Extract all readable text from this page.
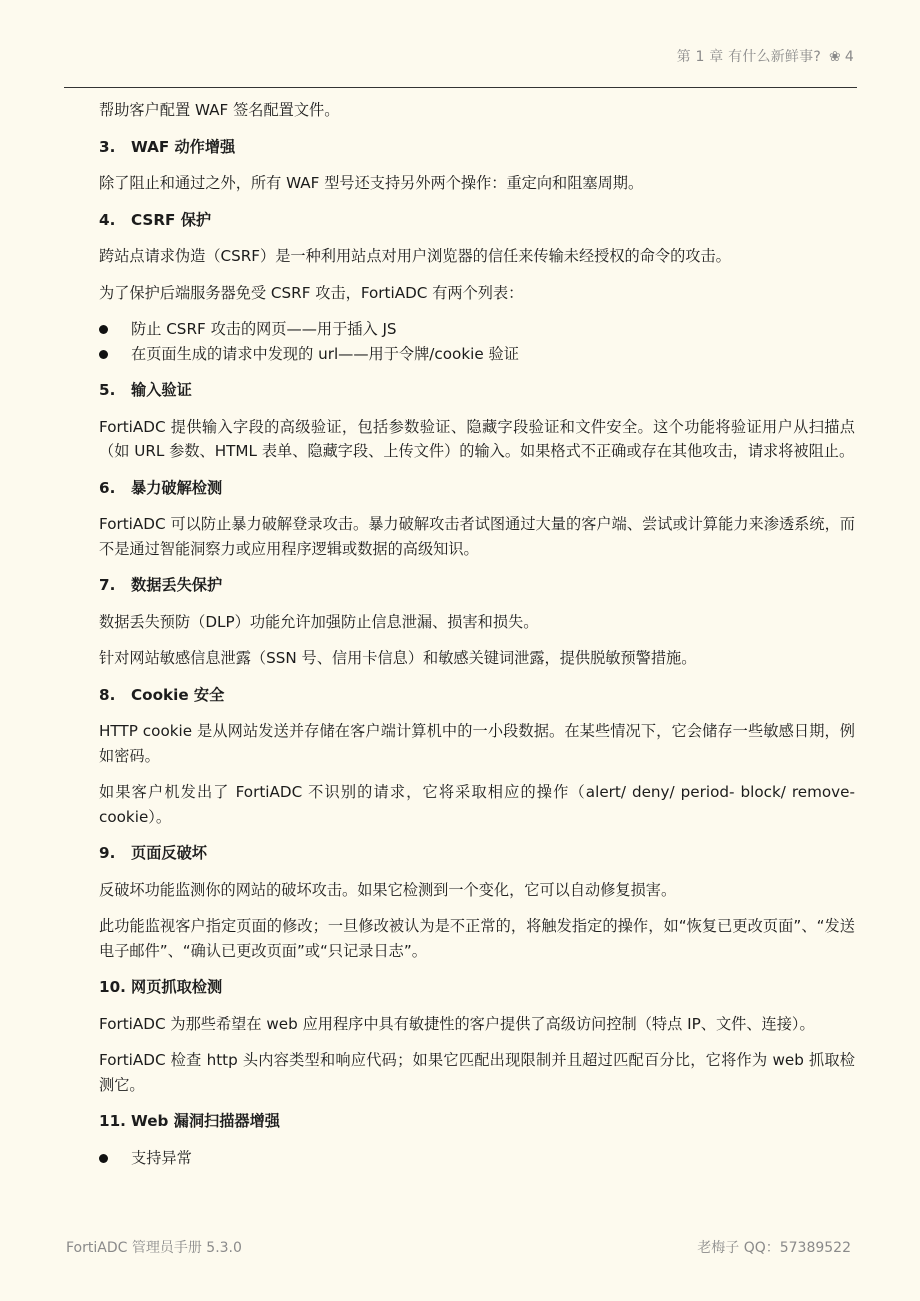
第 1 章 有什么新鲜事? ❀ 4

帮助客户配置 WAF 签名配置文件。

3. WAF 动作增强

除了阻止和通过之外，所有 WAF 型号还支持另外两个操作：重定向和阻塞周期。

4. CSRF 保护

跨站点请求伪造（CSRF）是一种利用站点对用户浏览器的信任来传输未经授权的命令的攻击。

为了保护后端服务器免受 CSRF 攻击，FortiADC 有两个列表：

防止 CSRF 攻击的网页——用于插入 JS
在页面生成的请求中发现的 url——用于令牌/cookie 验证
5. 输入验证

FortiADC 提供输入字段的高级验证，包括参数验证、隐藏字段验证和文件安全。这个功能将验证用户从扫描点（如 URL 参数、HTML 表单、隐藏字段、上传文件）的输入。如果格式不正确或存在其他攻击，请求将被阻止。

6. 暴力破解检测

FortiADC 可以防止暴力破解登录攻击。暴力破解攻击者试图通过大量的客户端、尝试或计算能力来渗透系统，而不是通过智能洞察力或应用程序逻辑或数据的高级知识。

7. 数据丢失保护

数据丢失预防（DLP）功能允许加强防止信息泄漏、损害和损失。

针对网站敏感信息泄露（SSN 号、信用卡信息）和敏感关键词泄露，提供脱敏预警措施。

8. Cookie 安全

HTTP cookie 是从网站发送并存储在客户端计算机中的一小段数据。在某些情况下，它会储存一些敏感日期，例如密码。

如果客户机发出了 FortiADC 不识别的请求，它将采取相应的操作（alert/ deny/ period- block/ remove-cookie）。

9. 页面反破坏

反破坏功能监测你的网站的破坏攻击。如果它检测到一个变化，它可以自动修复损害。

此功能监视客户指定页面的修改；一旦修改被认为是不正常的，将触发指定的操作，如“恢复已更改页面”、“发送电子邮件”、“确认已更改页面”或“只记录日志”。

10. 网页抓取检测

FortiADC 为那些希望在 web 应用程序中具有敏捷性的客户提供了高级访问控制（特点 IP、文件、连接）。

FortiADC 检查 http 头内容类型和响应代码；如果它匹配出现限制并且超过匹配百分比，它将作为 web 抓取检测它。

11. Web 漏洞扫描器增强
支持异常
FortiADC 管理员手册 5.3.0	老梅子 QQ：57389522
